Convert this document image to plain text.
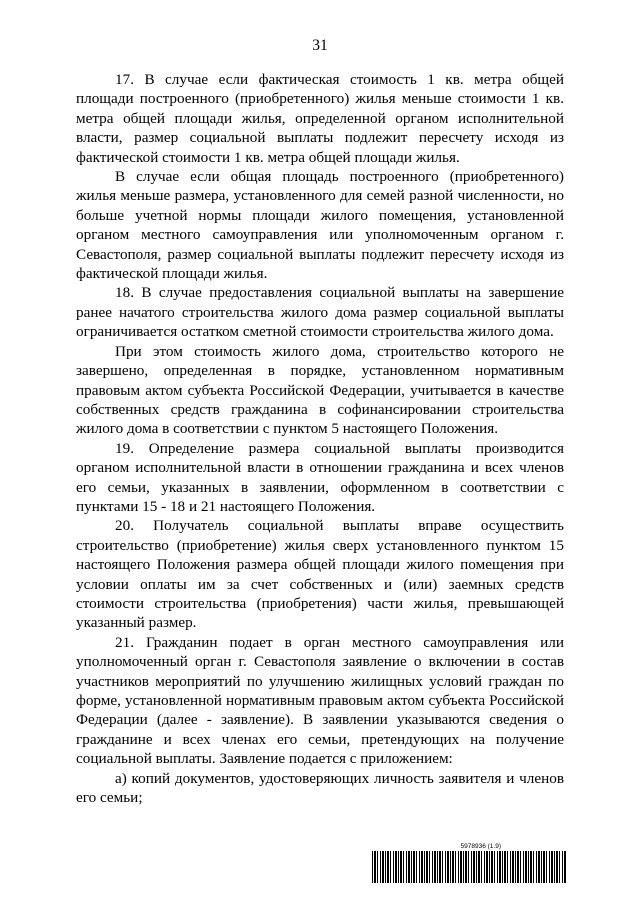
31

17. В случае если фактическая стоимость 1 кв. метра общей площади построенного (приобретенного) жилья меньше стоимости 1 кв. метра общей площади жилья, определенной органом исполнительной власти, размер социальной выплаты подлежит пересчету исходя из фактической стоимости 1 кв. метра общей площади жилья.

В случае если общая площадь построенного (приобретенного) жилья меньше размера, установленного для семей разной численности, но больше учетной нормы площади жилого помещения, установленной органом местного самоуправления или уполномоченным органом г. Севастополя, размер социальной выплаты подлежит пересчету исходя из фактической площади жилья.

18. В случае предоставления социальной выплаты на завершение ранее начатого строительства жилого дома размер социальной выплаты ограничивается остатком сметной стоимости строительства жилого дома.

При этом стоимость жилого дома, строительство которого не завершено, определенная в порядке, установленном нормативным правовым актом субъекта Российской Федерации, учитывается в качестве собственных средств гражданина в софинансировании строительства жилого дома в соответствии с пунктом 5 настоящего Положения.

19. Определение размера социальной выплаты производится органом исполнительной власти в отношении гражданина и всех членов его семьи, указанных в заявлении, оформленном в соответствии с пунктами 15 - 18 и 21 настоящего Положения.

20. Получатель социальной выплаты вправе осуществить строительство (приобретение) жилья сверх установленного пунктом 15 настоящего Положения размера общей площади жилого помещения при условии оплаты им за счет собственных и (или) заемных средств стоимости строительства (приобретения) части жилья, превышающей указанный размер.

21. Гражданин подает в орган местного самоуправления или уполномоченный орган г. Севастополя заявление о включении в состав участников мероприятий по улучшению жилищных условий граждан по форме, установленной нормативным правовым актом субъекта Российской Федерации (далее - заявление). В заявлении указываются сведения о гражданине и всех членах его семьи, претендующих на получение социальной выплаты. Заявление подается с приложением:

а) копий документов, удостоверяющих личность заявителя и членов его семьи;

5978936 (1.9)
